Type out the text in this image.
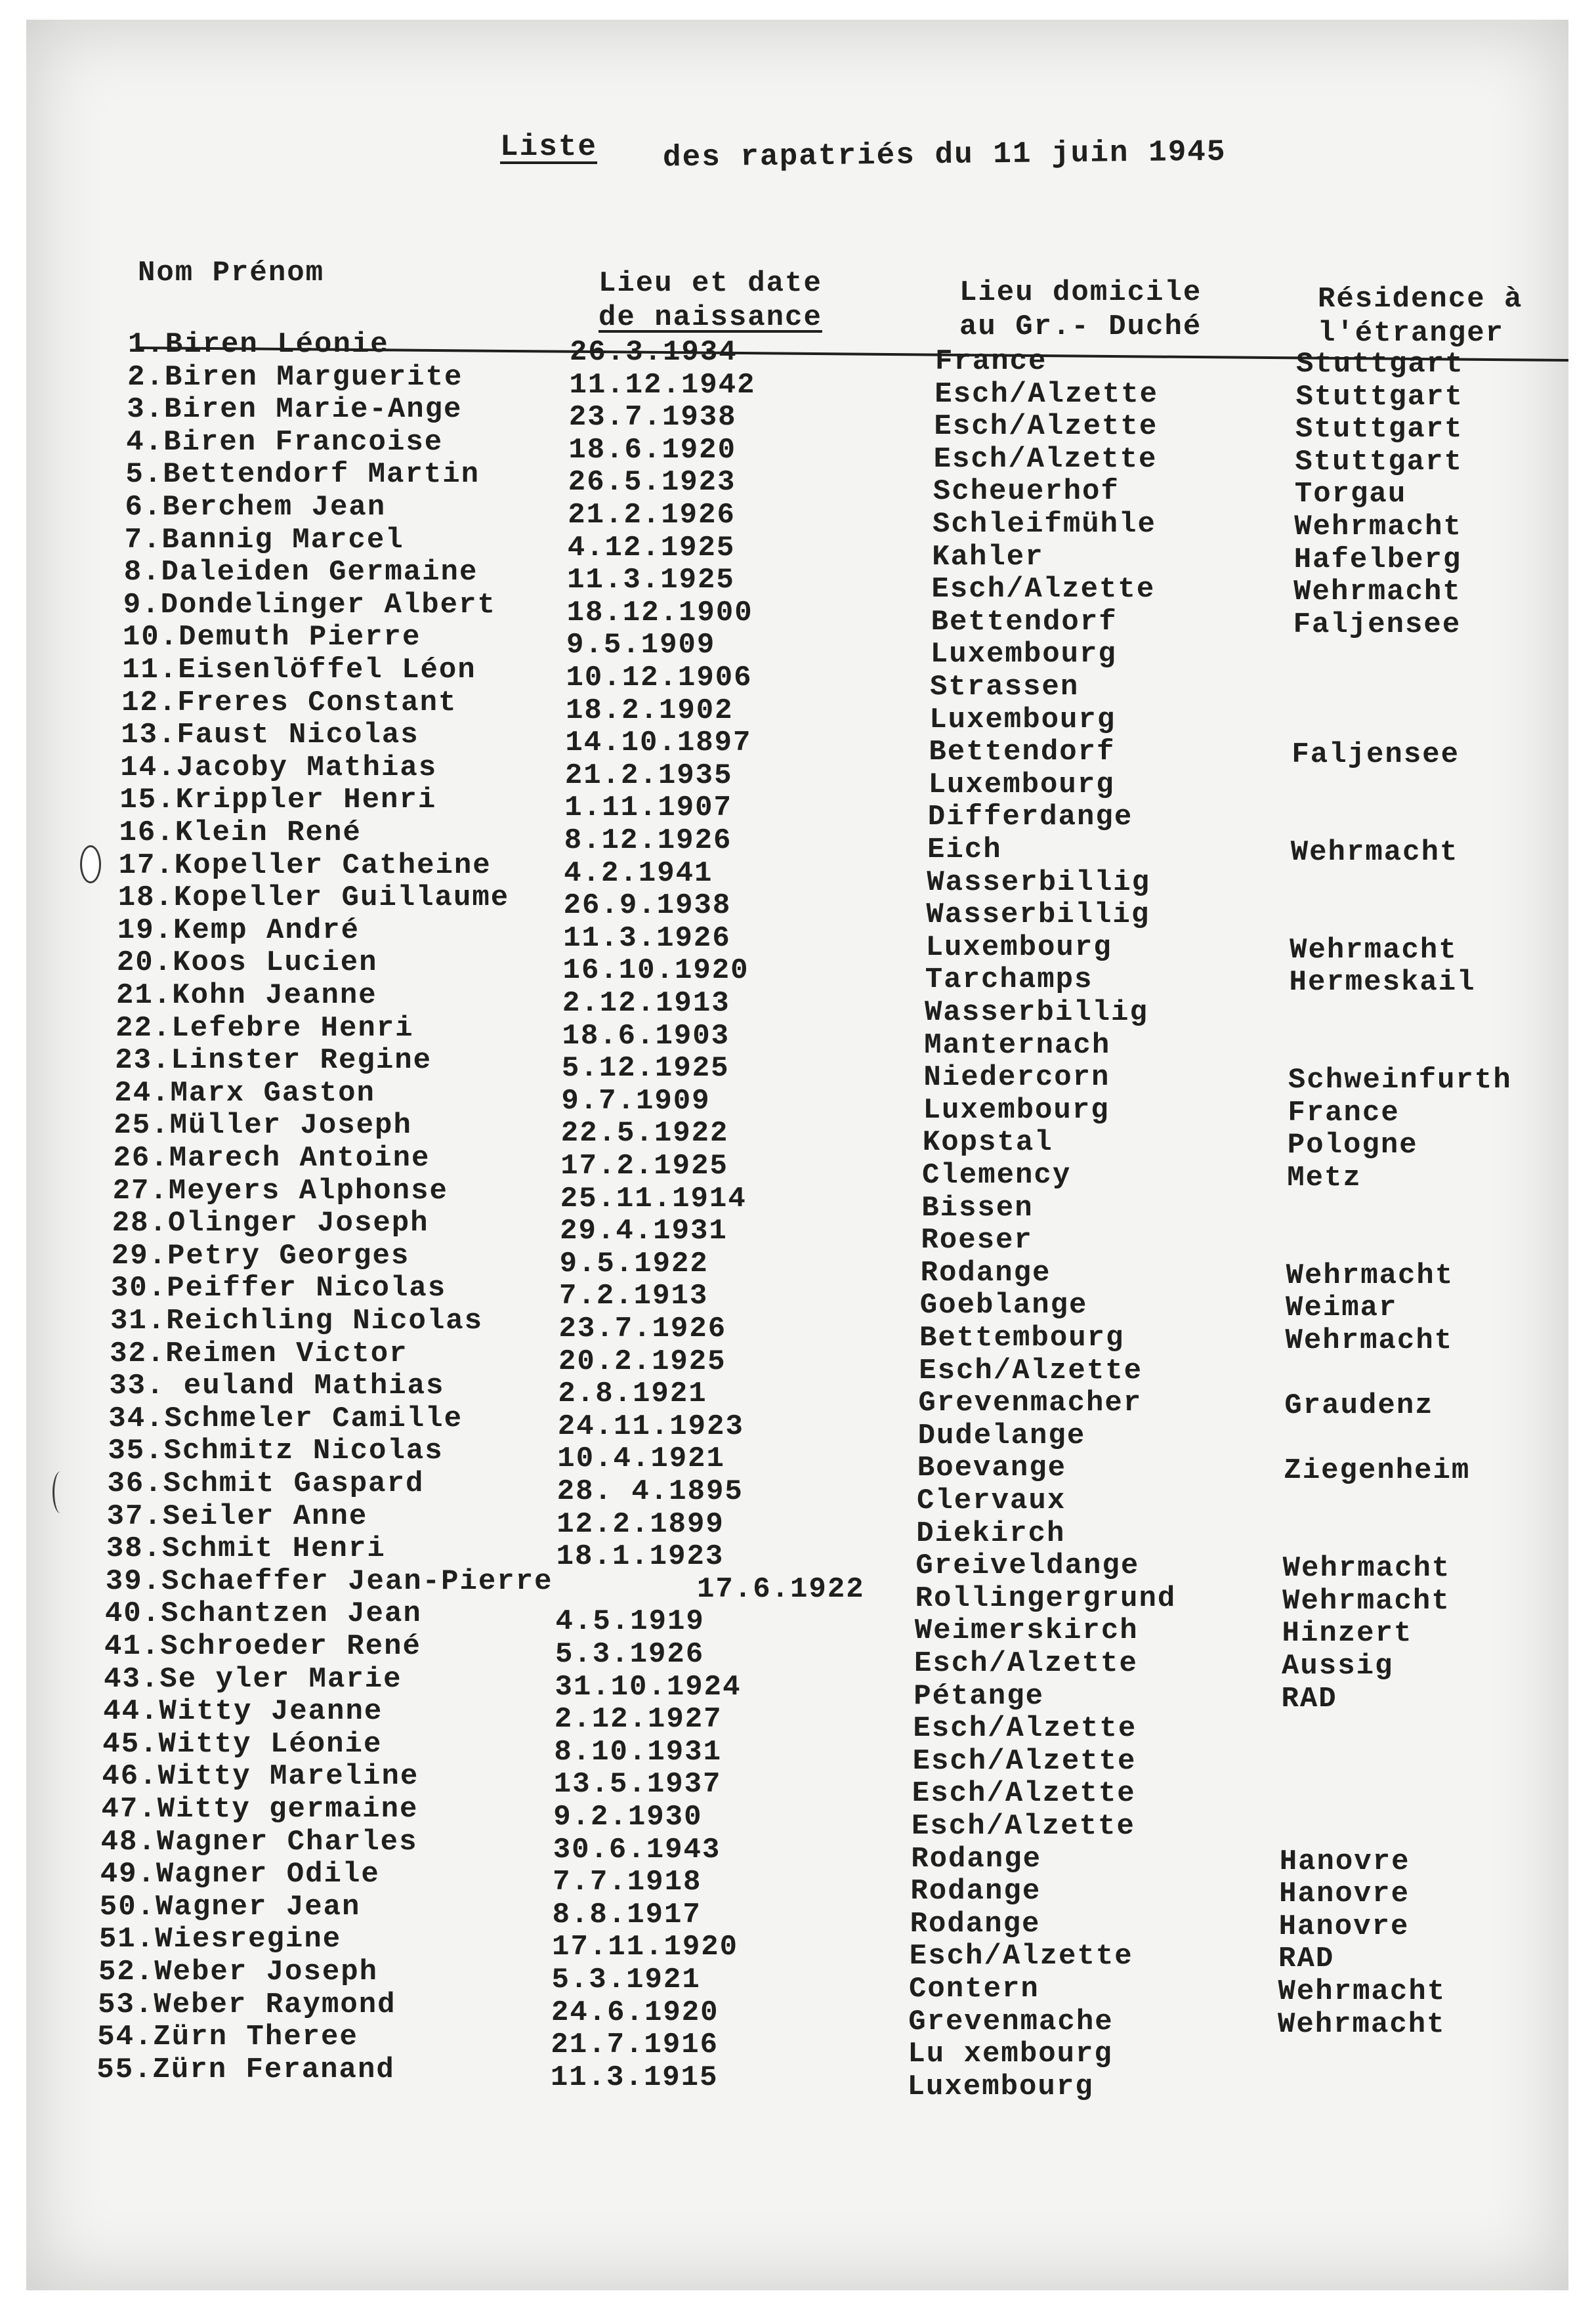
Liste des rapatriés du 11 juin 1945
Nom Prénom	Lieu et date
de naissance
Lieu domicile
au Gr.- Duché
Résidence à
l'étranger
1.Biren Léonie	26.3.1934	France	Stuttgart
2.Biren Marguerite	11.12.1942	Esch/Alzette	Stuttgart
3.Biren Marie-Ange	23.7.1938	Esch/Alzette	Stuttgart
4.Biren Francoise	18.6.1920	Esch/Alzette	Stuttgart
5.Bettendorf Martin	26.5.1923	Scheuerhof	Torgau
6.Berchem Jean	21.2.1926	Schleifmühle	Wehrmacht
7.Bannig Marcel	4.12.1925	Kahler	Hafelberg
8.Daleiden Germaine	11.3.1925	Esch/Alzette	Wehrmacht
9.Dondelinger Albert 18.12.1900	Bettendorf	Faljensee
10.Demuth Pierre	9.5.1909	Luxembourg
11.Eisenlöffel Léon	10.12.1906	Strassen
12.Freres Constant	18.2.1902	Luxembourg
13.Faust Nicolas	14.10.1897	Bettendorf	Faljensee
14.Jacoby Mathias	21.2.1935	Luxembourg
15.Krippler Henri	1.11.1907	Differdange
16.Klein René	8.12.1926	Eich	Wehrmacht
17.Kopeller Catheine	4.2.1941	Wasserbillig
18.Kopeller Guillaume 26.9.1938	Wasserbillig
19.Kemp André	11.3.1926	Luxembourg	Wehrmacht
20.Koos Lucien	16.10.1920	Tarchamps	Hermeskail
21.Kohn Jeanne	2.12.1913	Wasserbillig
22.Lefebre Henri	18.6.1903	Manternach
23.Linster Regine	5.12.1925	Niedercorn	Schweinfurth
24.Marx Gaston	9.7.1909	Luxembourg	France
25.Müller Joseph	22.5.1922	Kopstal	Pologne
26.Marech Antoine	17.2.1925	Clemency	Metz
27.Meyers Alphonse	25.11.1914	Bissen
28.Olinger Joseph	29.4.1931	Roeser
29.Petry Georges	9.5.1922	Rodange	Wehrmacht
30.Peiffer Nicolas	7.2.1913	Goeblange	Weimar
31.Reichling Nicolas	23.7.1926	Bettembourg	Wehrmacht
32.Reimen Victor	20.2.1925	Esch/Alzette
33. euland Mathias	2.8.1921	Grevenmacher	Graudenz
34.Schmeler Camille	24.11.1923	Dudelange
35.Schmitz Nicolas	10.4.1921	Boevange	Ziegenheim
36.Schmit Gaspard	28. 4.1895	Clervaux
37.Seiler Anne	12.2.1899	Diekirch
38.Schmit Henri	18.1.1923	Greiveldange	Wehrmacht
39.Schaeffer Jean-Pierre	17.6.1922 Rollingergrund	Wehrmacht
40.Schantzen Jean	4.5.1919	Weimerskirch	Hinzert
41.Schroeder René	5.3.1926	Esch/Alzette	Aussig
43.Se yler Marie	31.10.1924	Pétange	RAD
44.Witty Jeanne	2.12.1927	Esch/Alzette
45.Witty Léonie	8.10.1931	Esch/Alzette
46.Witty Mareline	13.5.1937	Esch/Alzette
47.Witty germaine	9.2.1930	Esch/Alzette
48.Wagner Charles	30.6.1943	Rodange	Hanovre
49.Wagner Odile	7.7.1918	Rodange	Hanovre
50.Wagner Jean	8.8.1917	Rodange	Hanovre
51.Wiesregine	17.11.1920	Esch/Alzette	RAD
52.Weber Joseph	5.3.1921	Contern	Wehrmacht
53.Weber Raymond	24.6.1920	Grevenmache	Wehrmacht
54.Zürn Theree	21.7.1916	Lu xembourg
55.Zürn Feranand	11.3.1915	Luxembourg
